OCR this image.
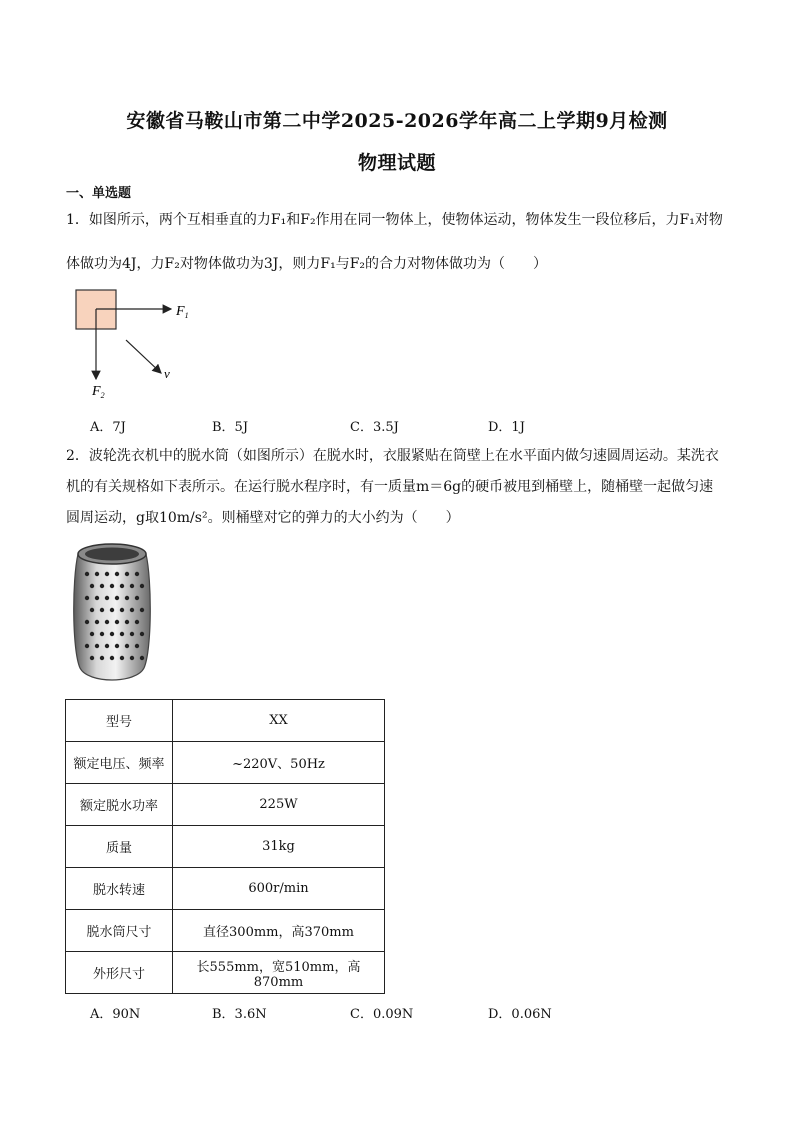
安徽省马鞍山市第二中学2025-2026学年高二上学期9月检测
物理试题
一、单选题
1．如图所示，两个互相垂直的力F₁和F₂作用在同一物体上，使物体运动，物体发生一段位移后，力F₁对物
体做功为4J，力F₂对物体做功为3J，则力F₁与F₂的合力对物体做功为（　　）
$F_1$
$F_2$
v
A．7J	B．5J	C．3.5J	D．1J
2．波轮洗衣机中的脱水筒（如图所示）在脱水时，衣服紧贴在筒壁上在水平面内做匀速圆周运动。某洗衣
机的有关规格如下表所示。在运行脱水程序时，有一质量m＝6g的硬币被甩到桶壁上，随桶壁一起做匀速
圆周运动，g取10m/s²。则桶壁对它的弹力的大小约为（　　）
型号	XX
额定电压、频率	~220V、50Hz
额定脱水功率	225W
质量	31kg
脱水转速	600r/min
脱水筒尺寸	直径300mm，高370mm
外形尺寸	长555mm，宽510mm，高870mm
A．90N	B．3.6N	C．0.09N	D．0.06N
